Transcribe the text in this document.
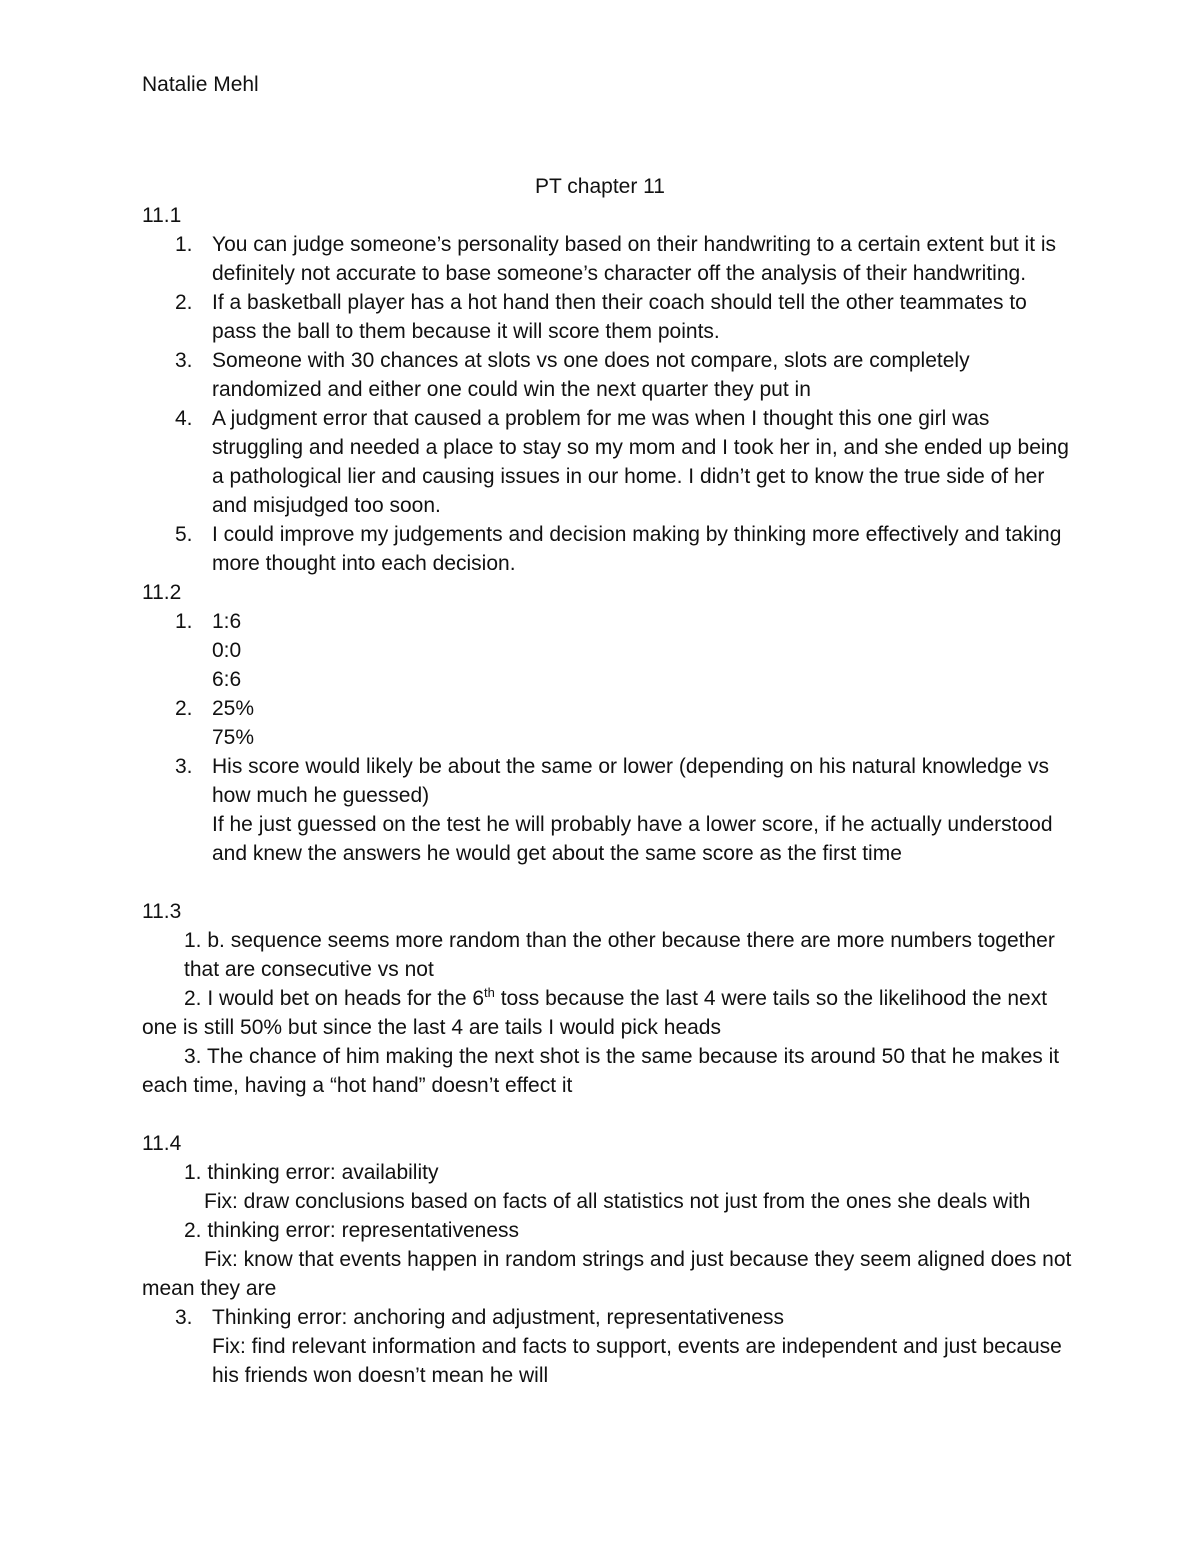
Natalie Mehl
PT chapter 11
11.1
1. You can judge someone’s personality based on their handwriting to a certain extent but it is definitely not accurate to base someone’s character off the analysis of their handwriting.
2. If a basketball player has a hot hand then their coach should tell the other teammates to pass the ball to them because it will score them points.
3. Someone with 30 chances at slots vs one does not compare, slots are completely randomized and either one could win the next quarter they put in
4. A judgment error that caused a problem for me was when I thought this one girl was struggling and needed a place to stay so my mom and I took her in, and she ended up being a pathological lier and causing issues in our home. I didn’t get to know the true side of her and misjudged too soon.
5. I could improve my judgements and decision making by thinking more effectively and taking more thought into each decision.
11.2
1. 1:6
0:0
6:6
2. 25%
75%
3. His score would likely be about the same or lower (depending on his natural knowledge vs how much he guessed)
If he just guessed on the test he will probably have a lower score, if he actually understood and knew the answers he would get about the same score as the first time
11.3
1. b. sequence seems more random than the other because there are more numbers together that are consecutive vs not
2. I would bet on heads for the 6th toss because the last 4 were tails so the likelihood the next one is still 50% but since the last 4 are tails I would pick heads
3. The chance of him making the next shot is the same because its around 50 that he makes it each time, having a “hot hand” doesn’t effect it
11.4
1. thinking error: availability
Fix: draw conclusions based on facts of all statistics not just from the ones she deals with
2. thinking error: representativeness
Fix: know that events happen in random strings and just because they seem aligned does not mean they are
3. Thinking error: anchoring and adjustment, representativeness
Fix: find relevant information and facts to support, events are independent and just because his friends won doesn’t mean he will
